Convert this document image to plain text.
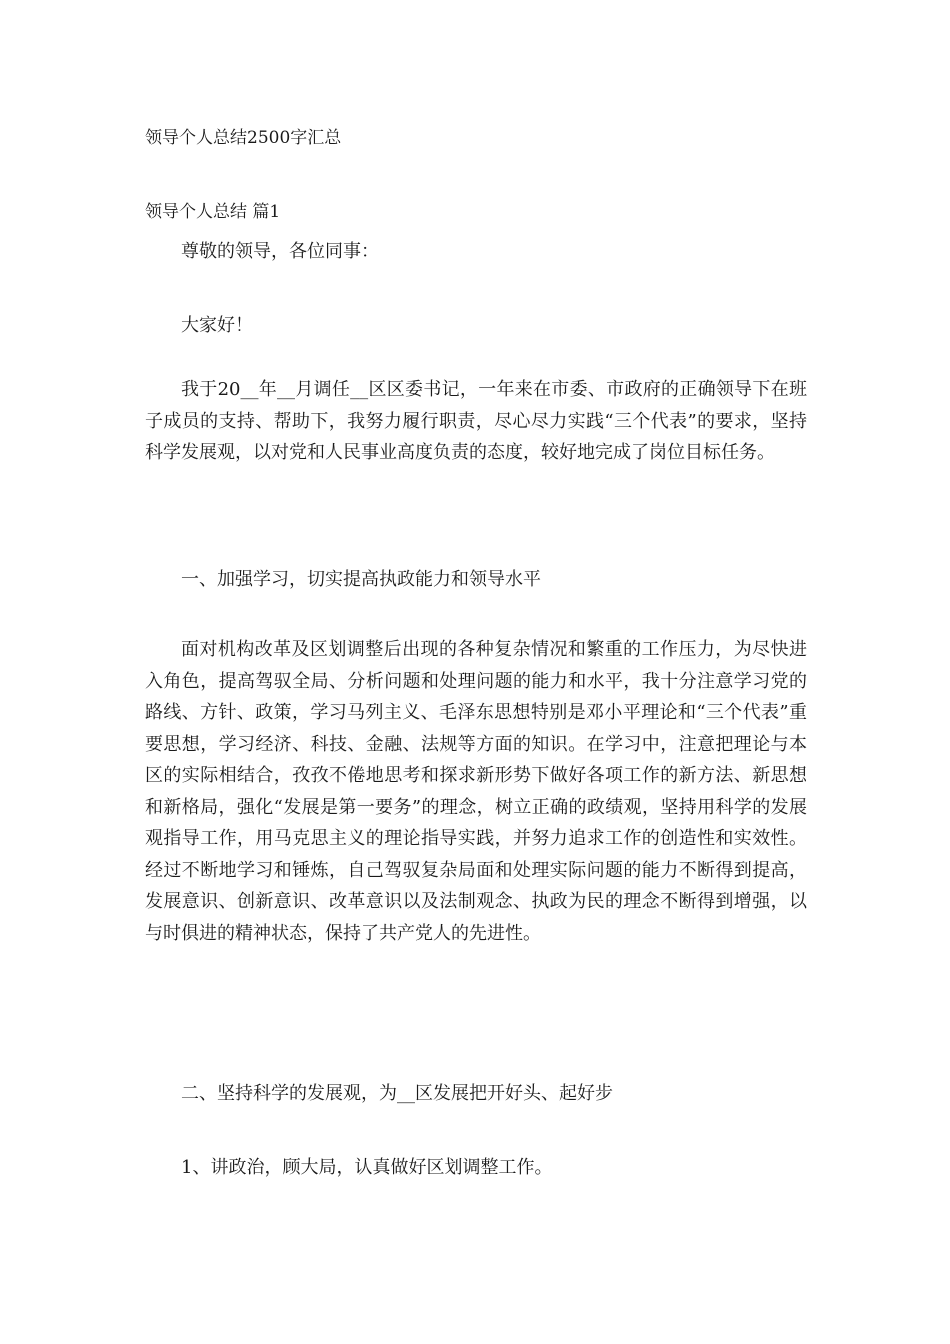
领导个人总结2500字汇总
领导个人总结 篇1

尊敬的领导，各位同事：

大家好！

我于20__年__月调任__区区委书记，一年来在市委、市政府的正确领导下在班子成员的支持、帮助下，我努力履行职责，尽心尽力实践“三个代表”的要求，坚持科学发展观，以对党和人民事业高度负责的态度，较好地完成了岗位目标任务。

一、加强学习，切实提高执政能力和领导水平

面对机构改革及区划调整后出现的各种复杂情况和繁重的工作压力，为尽快进入角色，提高驾驭全局、分析问题和处理问题的能力和水平，我十分注意学习党的路线、方针、政策，学习马列主义、毛泽东思想特别是邓小平理论和“三个代表”重要思想，学习经济、科技、金融、法规等方面的知识。在学习中，注意把理论与本区的实际相结合，孜孜不倦地思考和探求新形势下做好各项工作的新方法、新思想和新格局，强化“发展是第一要务”的理念，树立正确的政绩观，坚持用科学的发展观指导工作，用马克思主义的理论指导实践，并努力追求工作的创造性和实效性。经过不断地学习和锤炼，自己驾驭复杂局面和处理实际问题的能力不断得到提高，发展意识、创新意识、改革意识以及法制观念、执政为民的理念不断得到增强，以与时俱进的精神状态，保持了共产党人的先进性。

二、坚持科学的发展观，为__区发展把开好头、起好步

1、讲政治，顾大局，认真做好区划调整工作。
